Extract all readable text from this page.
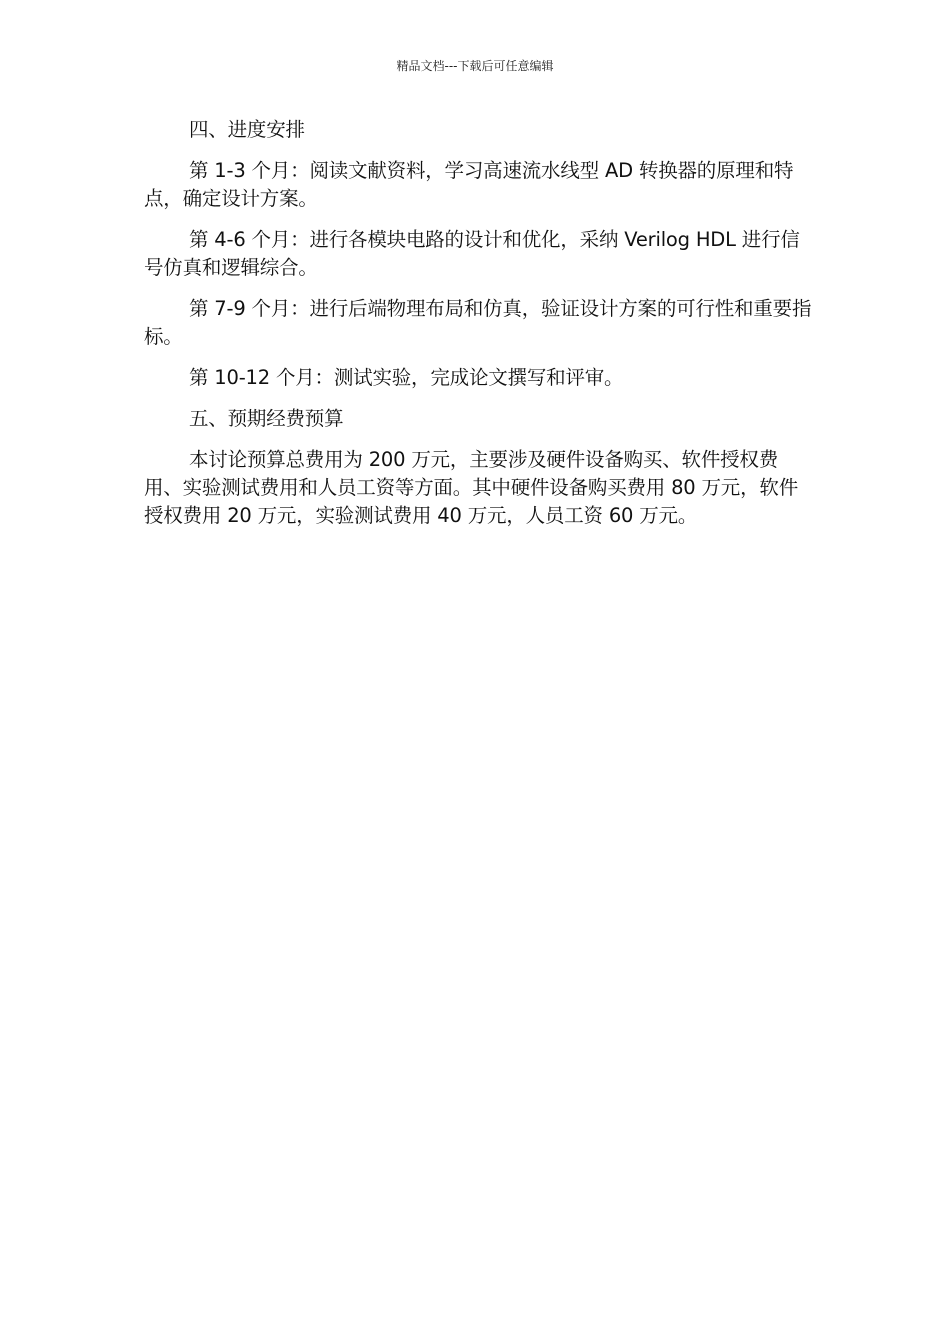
精品文档---下载后可任意编辑

四、进度安排

第 1-3 个月：阅读文献资料，学习高速流水线型 AD 转换器的原理和特点，确定设计方案。

第 4-6 个月：进行各模块电路的设计和优化，采纳 Verilog HDL 进行信号仿真和逻辑综合。

第 7-9 个月：进行后端物理布局和仿真，验证设计方案的可行性和重要指标。

第 10-12 个月：测试实验，完成论文撰写和评审。

五、预期经费预算

本讨论预算总费用为 200 万元，主要涉及硬件设备购买、软件授权费用、实验测试费用和人员工资等方面。其中硬件设备购买费用 80 万元，软件授权费用 20 万元，实验测试费用 40 万元，人员工资 60 万元。
